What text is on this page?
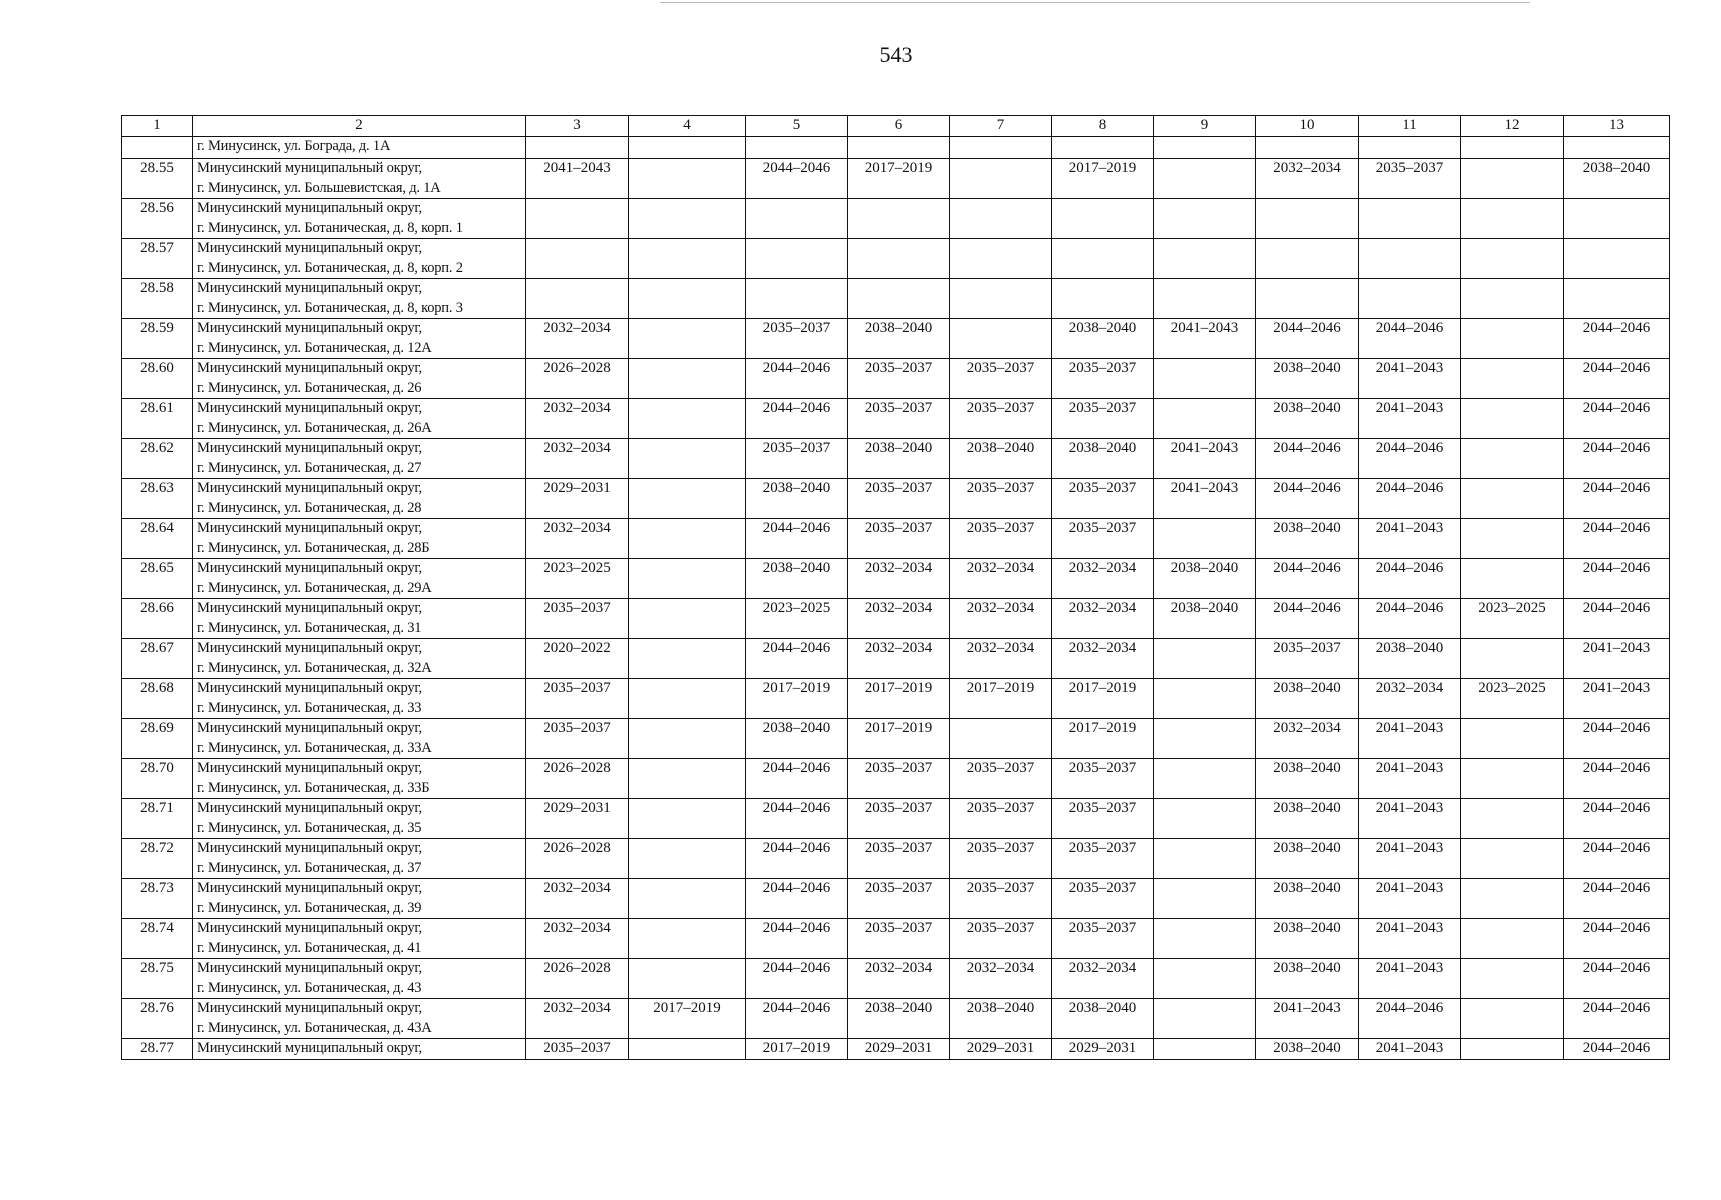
543
1	2	3	4	5	6	7	8	9	10	11	12	13

	г. Минусинск, ул. Бограда, д. 1А											

28.55	Минусинский муниципальный округ,
г. Минусинск, ул. Большевистская, д. 1А	2041–2043		2044–2046	2017–2019		2017–2019		2032–2034	2035–2037		2038–2040
28.56	Минусинский муниципальный округ,
г. Минусинск, ул. Ботаническая, д. 8, корп. 1											

28.57	Минусинский муниципальный округ,
г. Минусинск, ул. Ботаническая, д. 8, корп. 2											

28.58	Минусинский муниципальный округ,
г. Минусинск, ул. Ботаническая, д. 8, корп. 3											

28.59	Минусинский муниципальный округ,
г. Минусинск, ул. Ботаническая, д. 12А	2032–2034		2035–2037	2038–2040		2038–2040	2041–2043	2044–2046	2044–2046		2044–2046
28.60	Минусинский муниципальный округ,
г. Минусинск, ул. Ботаническая, д. 26	2026–2028		2044–2046	2035–2037	2035–2037	2035–2037		2038–2040	2041–2043		2044–2046
28.61	Минусинский муниципальный округ,
г. Минусинск, ул. Ботаническая, д. 26А	2032–2034		2044–2046	2035–2037	2035–2037	2035–2037		2038–2040	2041–2043		2044–2046
28.62	Минусинский муниципальный округ,
г. Минусинск, ул. Ботаническая, д. 27	2032–2034		2035–2037	2038–2040	2038–2040	2038–2040	2041–2043	2044–2046	2044–2046		2044–2046
28.63	Минусинский муниципальный округ,
г. Минусинск, ул. Ботаническая, д. 28	2029–2031		2038–2040	2035–2037	2035–2037	2035–2037	2041–2043	2044–2046	2044–2046		2044–2046
28.64	Минусинский муниципальный округ,
г. Минусинск, ул. Ботаническая, д. 28Б	2032–2034		2044–2046	2035–2037	2035–2037	2035–2037		2038–2040	2041–2043		2044–2046
28.65	Минусинский муниципальный округ,
г. Минусинск, ул. Ботаническая, д. 29А	2023–2025		2038–2040	2032–2034	2032–2034	2032–2034	2038–2040	2044–2046	2044–2046		2044–2046
28.66	Минусинский муниципальный округ,
г. Минусинск, ул. Ботаническая, д. 31	2035–2037		2023–2025	2032–2034	2032–2034	2032–2034	2038–2040	2044–2046	2044–2046	2023–2025	2044–2046
28.67	Минусинский муниципальный округ,
г. Минусинск, ул. Ботаническая, д. 32А	2020–2022		2044–2046	2032–2034	2032–2034	2032–2034		2035–2037	2038–2040		2041–2043
28.68	Минусинский муниципальный округ,
г. Минусинск, ул. Ботаническая, д. 33	2035–2037		2017–2019	2017–2019	2017–2019	2017–2019		2038–2040	2032–2034	2023–2025	2041–2043
28.69	Минусинский муниципальный округ,
г. Минусинск, ул. Ботаническая, д. 33А	2035–2037		2038–2040	2017–2019		2017–2019		2032–2034	2041–2043		2044–2046
28.70	Минусинский муниципальный округ,
г. Минусинск, ул. Ботаническая, д. 33Б	2026–2028		2044–2046	2035–2037	2035–2037	2035–2037		2038–2040	2041–2043		2044–2046
28.71	Минусинский муниципальный округ,
г. Минусинск, ул. Ботаническая, д. 35	2029–2031		2044–2046	2035–2037	2035–2037	2035–2037		2038–2040	2041–2043		2044–2046
28.72	Минусинский муниципальный округ,
г. Минусинск, ул. Ботаническая, д. 37	2026–2028		2044–2046	2035–2037	2035–2037	2035–2037		2038–2040	2041–2043		2044–2046
28.73	Минусинский муниципальный округ,
г. Минусинск, ул. Ботаническая, д. 39	2032–2034		2044–2046	2035–2037	2035–2037	2035–2037		2038–2040	2041–2043		2044–2046
28.74	Минусинский муниципальный округ,
г. Минусинск, ул. Ботаническая, д. 41	2032–2034		2044–2046	2035–2037	2035–2037	2035–2037		2038–2040	2041–2043		2044–2046
28.75	Минусинский муниципальный округ,
г. Минусинск, ул. Ботаническая, д. 43	2026–2028		2044–2046	2032–2034	2032–2034	2032–2034		2038–2040	2041–2043		2044–2046
28.76	Минусинский муниципальный округ,
г. Минусинск, ул. Ботаническая, д. 43А	2032–2034	2017–2019	2044–2046	2038–2040	2038–2040	2038–2040		2041–2043	2044–2046		2044–2046
28.77	Минусинский муниципальный округ,	2035–2037		2017–2019	2029–2031	2029–2031	2029–2031		2038–2040	2041–2043		2044–2046
